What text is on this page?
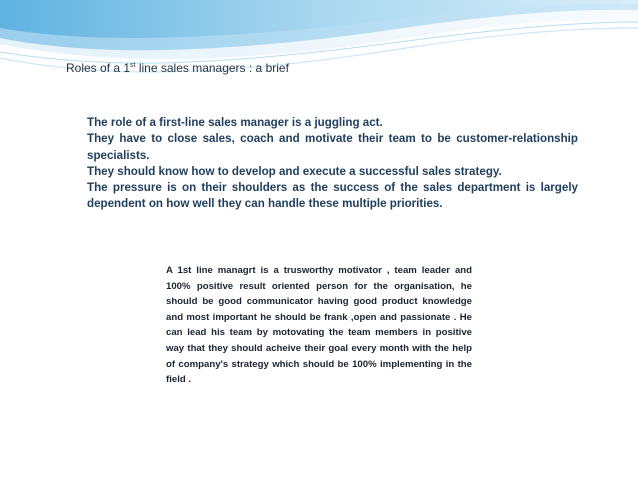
Roles of a 1st line sales managers : a brief

The role of a first-line sales manager is a juggling act.

They have to close sales, coach and motivate their team to be customer-relationship specialists.

They should know how to develop and execute a successful sales strategy.

The pressure is on their shoulders as the success of the sales department is largely dependent on how well they can handle these multiple priorities.

A 1st line managrt is a trusworthy motivator , team leader and 100% positive result oriented person for the organisation, he should be good communicator having good product knowledge and most important he should be frank ,open and passionate . He can lead his team by motovating the team members in positive way that they should acheive their goal every month with the help of company's strategy which should be 100% implementing in the field .
